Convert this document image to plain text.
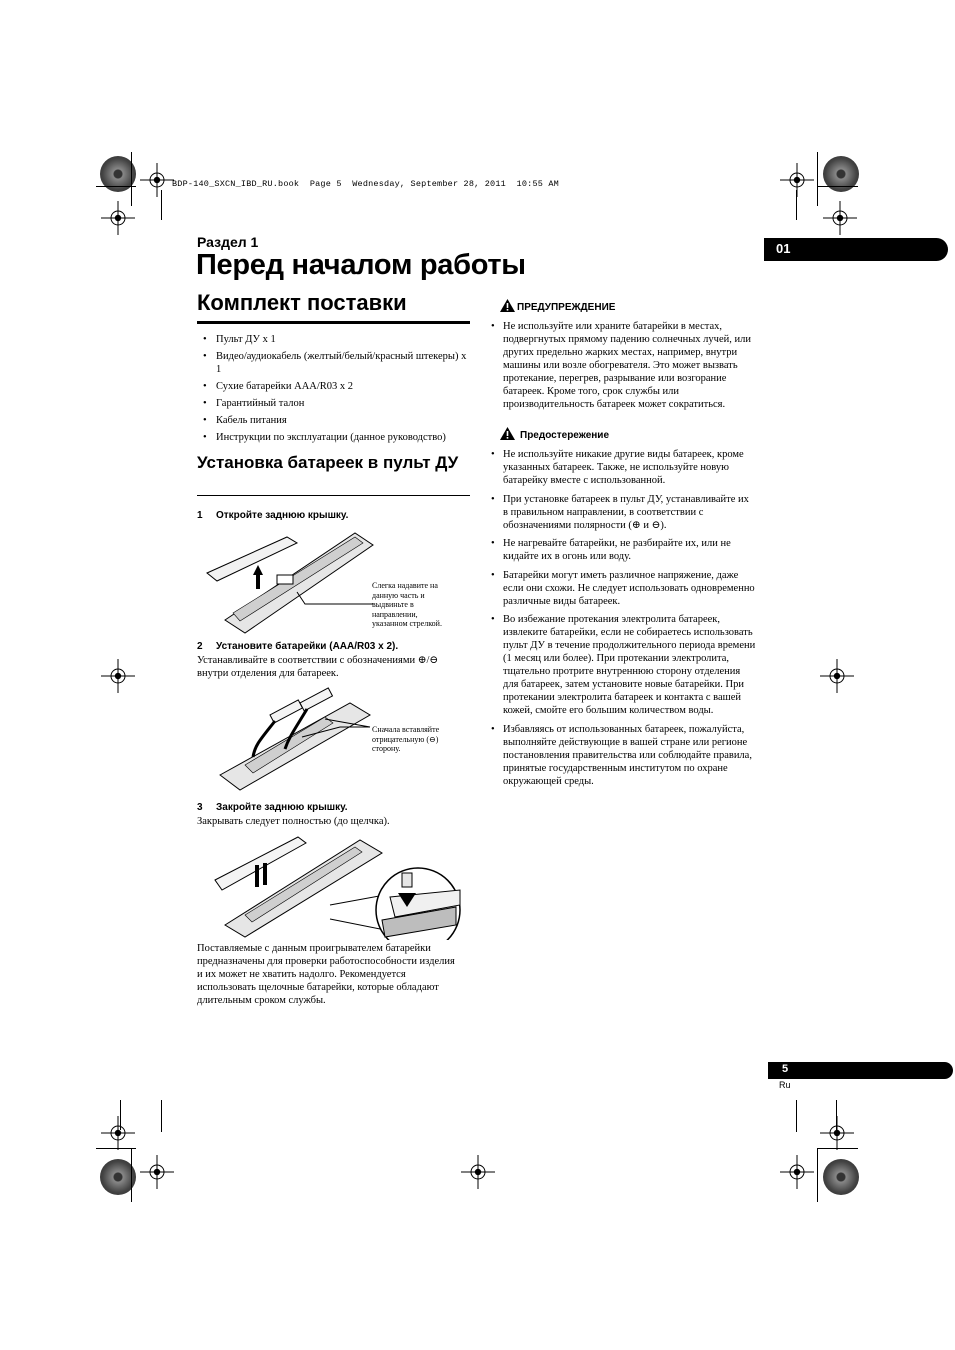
BDP-140_SXCN_IBD_RU.book  Page 5  Wednesday, September 28, 2011  10:55 AM
Раздел 1
Перед началом работы
01
Комплект поставки
• Пульт ДУ x 1
• Видео/аудиокабель (желтый/белый/красный штекеры) x 1
• Сухие батарейки AAA/R03 x 2
• Гарантийный талон
• Кабель питания
• Инструкции по эксплуатации (данное руководство)
Установка батареек в пульт ДУ
1 Откройте заднюю крышку.
Слегка надавите на
данную часть и
выдвиньте в
направлении,
указанном стрелкой.
2 Установите батарейки (AAA/R03 x 2).
Устанавливайте в соответствии с обозначениями ⊕/⊖
внутри отделения для батареек.
Сначала вставляйте
отрицательную (⊖)
сторону.
3 Закройте заднюю крышку.
Закрывать следует полностью (до щелчка).
Поставляемые с данным проигрывателем батарейки
предназначены для проверки работоспособности изделия
и их может не хватить надолго. Рекомендуется
использовать щелочные батарейки, которые обладают
длительным сроком службы.
ПРЕДУПРЕЖДЕНИЕ
• Не используйте или храните батарейки в местах, подвергнутых прямому падению солнечных лучей, или других предельно жарких местах, например, внутри машины или возле обогревателя. Это может вызвать протекание, перегрев, разрывание или возгорание батареек. Кроме того, срок службы или производительность батареек может сократиться.
Предостережение
• Не используйте никакие другие виды батареек, кроме указанных батареек. Также, не используйте новую батарейку вместе с использованной.
• При установке батареек в пульт ДУ, устанавливайте их в правильном направлении, в соответствии с обозначениями полярности (⊕ и ⊖).
• Не нагревайте батарейки, не разбирайте их, или не кидайте их в огонь или воду.
• Батарейки могут иметь различное напряжение, даже если они схожи. Не следует использовать одновременно различные виды батареек.
• Во избежание протекания электролита батареек, извлеките батарейки, если не собираетесь использовать пульт ДУ в течение продолжительного периода времени (1 месяц или более). При протекании электролита, тщательно протрите внутреннюю сторону отделения для батареек, затем установите новые батарейки. При протекании электролита батареек и контакта с вашей кожей, смойте его большим количеством воды.
• Избавляясь от использованных батареек, пожалуйста, выполняйте действующие в вашей стране или регионе постановления правительства или соблюдайте правила, принятые государственным институтом по охране окружающей среды.
5
Ru
